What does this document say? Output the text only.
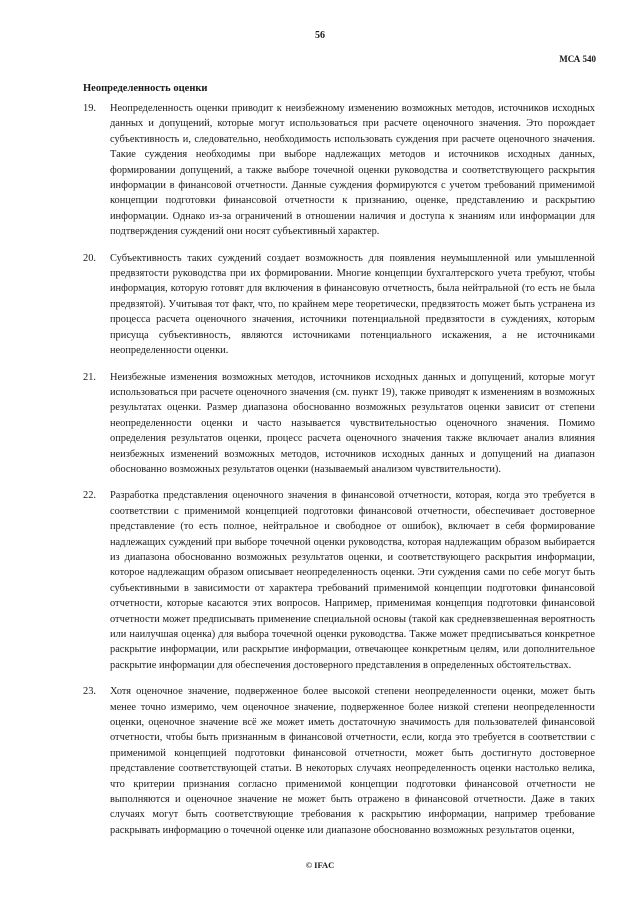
56
МСА 540
Неопределенность оценки
19.	Неопределенность оценки приводит к неизбежному изменению возможных методов, источников исходных данных и допущений, которые могут использоваться при расчете оценочного значения. Это порождает субъективность и, следовательно, необходимость использовать суждения при расчете оценочного значения. Такие суждения необходимы при выборе надлежащих методов и источников исходных данных, формировании допущений, а также выборе точечной оценки руководства и соответствующего раскрытия информации в финансовой отчетности. Данные суждения формируются с учетом требований применимой концепции подготовки финансовой отчетности к признанию, оценке, представлению и раскрытию информации. Однако из-за ограничений в отношении наличия и доступа к знаниям или информации для подтверждения суждений они носят субъективный характер.
20.	Субъективность таких суждений создает возможность для появления неумышленной или умышленной предвзятости руководства при их формировании. Многие концепции бухгалтерского учета требуют, чтобы информация, которую готовят для включения в финансовую отчетность, была нейтральной (то есть не была предвзятой). Учитывая тот факт, что, по крайнем мере теоретически, предвзятость может быть устранена из процесса расчета оценочного значения, источники потенциальной предвзятости в суждениях, которым присуща субъективность, являются источниками потенциального искажения, а не источниками неопределенности оценки.
21.	Неизбежные изменения возможных методов, источников исходных данных и допущений, которые могут использоваться при расчете оценочного значения (см. пункт 19), также приводят к изменениям в возможных результатах оценки. Размер диапазона обоснованно возможных результатов оценки зависит от степени неопределенности оценки и часто называется чувствительностью оценочного значения. Помимо определения результатов оценки, процесс расчета оценочного значения также включает анализ влияния неизбежных изменений возможных методов, источников исходных данных и допущений на диапазон обоснованно возможных результатов оценки (называемый анализом чувствительности).
22.	Разработка представления оценочного значения в финансовой отчетности, которая, когда это требуется в соответствии с применимой концепцией подготовки финансовой отчетности, обеспечивает достоверное представление (то есть полное, нейтральное и свободное от ошибок), включает в себя формирование надлежащих суждений при выборе точечной оценки руководства, которая надлежащим образом выбирается из диапазона обоснованно возможных результатов оценки, и соответствующего раскрытия информации, которое надлежащим образом описывает неопределенность оценки. Эти суждения сами по себе могут быть субъективными в зависимости от характера требований применимой концепции подготовки финансовой отчетности, которые касаются этих вопросов. Например, применимая концепция подготовки финансовой отчетности может предписывать применение специальной основы (такой как средневзвешенная вероятность или наилучшая оценка) для выбора точечной оценки руководства. Также может предписываться конкретное раскрытие информации, или раскрытие информации, отвечающее конкретным целям, или дополнительное раскрытие информации для обеспечения достоверного представления в определенных обстоятельствах.
23.	Хотя оценочное значение, подверженное более высокой степени неопределенности оценки, может быть менее точно измеримо, чем оценочное значение, подверженное более низкой степени неопределенности оценки, оценочное значение всё же может иметь достаточную значимость для пользователей финансовой отчетности, чтобы быть признанным в финансовой отчетности, если, когда это требуется в соответствии с применимой концепцией подготовки финансовой отчетности, может быть достигнуто достоверное представление соответствующей статьи. В некоторых случаях неопределенность оценки настолько велика, что критерии признания согласно применимой концепции подготовки финансовой отчетности не выполняются и оценочное значение не может быть отражено в финансовой отчетности. Даже в таких случаях могут быть соответствующие требования к раскрытию информации, например требование раскрывать информацию о точечной оценке или диапазоне обоснованно возможных результатов оценки,
© IFAC
